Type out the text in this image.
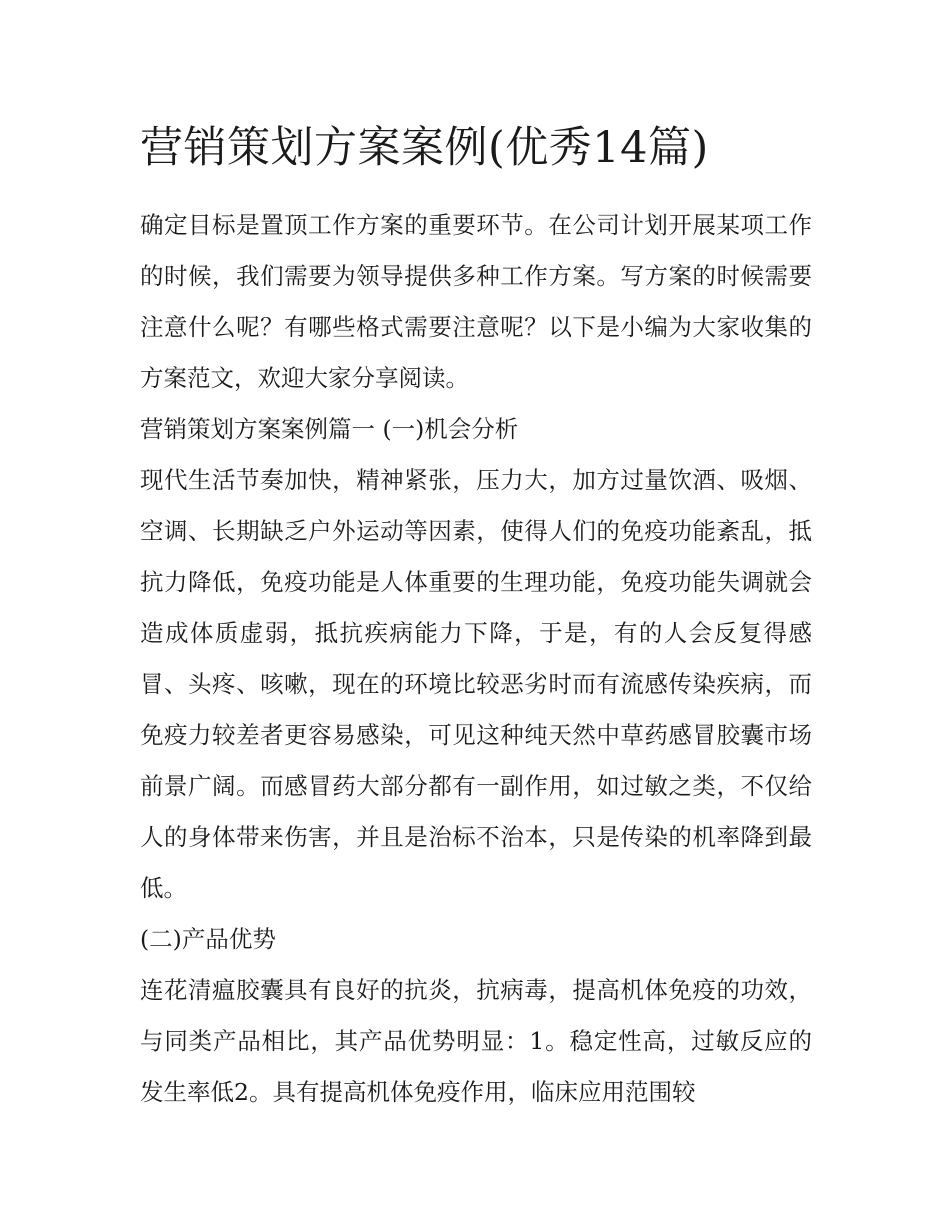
营销策划方案案例(优秀14篇)

确定目标是置顶工作方案的重要环节。在公司计划开展某项工作的时候，我们需要为领导提供多种工作方案。写方案的时候需要注意什么呢？有哪些格式需要注意呢？以下是小编为大家收集的方案范文，欢迎大家分享阅读。

营销策划方案案例篇一 (一)机会分析

现代生活节奏加快，精神紧张，压力大，加方过量饮酒、吸烟、空调、长期缺乏户外运动等因素，使得人们的免疫功能紊乱，抵抗力降低，免疫功能是人体重要的生理功能，免疫功能失调就会造成体质虚弱，抵抗疾病能力下降，于是，有的人会反复得感冒、头疼、咳嗽，现在的环境比较恶劣时而有流感传染疾病，而免疫力较差者更容易感染，可见这种纯天然中草药感冒胶囊市场前景广阔。而感冒药大部分都有一副作用，如过敏之类，不仅给人的身体带来伤害，并且是治标不治本，只是传染的机率降到最低。

(二)产品优势

连花清瘟胶囊具有良好的抗炎，抗病毒，提高机体免疫的功效，与同类产品相比，其产品优势明显：1。稳定性高，过敏反应的发生率低2。具有提高机体免疫作用，临床应用范围较
